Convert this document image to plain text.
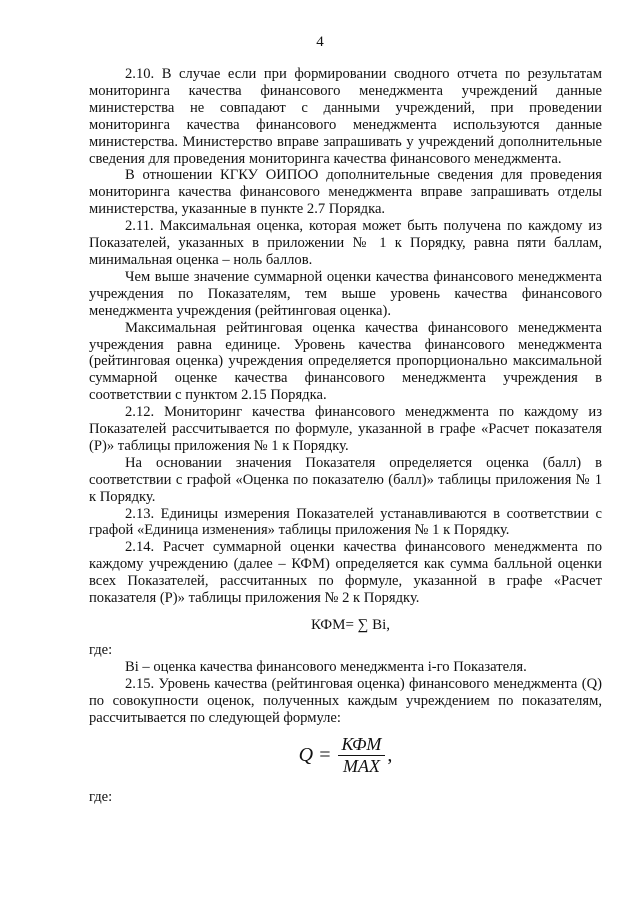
4

2.10. В случае если при формировании сводного отчета по результатам мониторинга качества финансового менеджмента учреждений данные министерства не совпадают с данными учреждений, при проведении мониторинга качества финансового менеджмента используются данные министерства. Министерство вправе запрашивать у учреждений дополнительные сведения для проведения мониторинга качества финансового менеджмента.

В отношении КГКУ ОИПОО дополнительные сведения для проведения мониторинга качества финансового менеджмента вправе запрашивать отделы министерства, указанные в пункте 2.7 Порядка.

2.11. Максимальная оценка, которая может быть получена по каждому из Показателей, указанных в приложении № 1 к Порядку, равна пяти баллам, минимальная оценка – ноль баллов.

Чем выше значение суммарной оценки качества финансового менеджмента учреждения по Показателям, тем выше уровень качества финансового менеджмента учреждения (рейтинговая оценка).

Максимальная рейтинговая оценка качества финансового менеджмента учреждения равна единице. Уровень качества финансового менеджмента (рейтинговая оценка) учреждения определяется пропорционально максимальной суммарной оценке качества финансового менеджмента учреждения в соответствии с пунктом 2.15 Порядка.

2.12. Мониторинг качества финансового менеджмента по каждому из Показателей рассчитывается по формуле, указанной в графе «Расчет показателя (Р)» таблицы приложения № 1 к Порядку.

На основании значения Показателя определяется оценка (балл) в соответствии с графой «Оценка по показателю (балл)» таблицы приложения № 1 к Порядку.

2.13. Единицы измерения Показателей устанавливаются в соответствии с графой «Единица изменения» таблицы приложения № 1 к Порядку.

2.14. Расчет суммарной оценки качества финансового менеджмента по каждому учреждению (далее – КФМ) определяется как сумма балльной оценки всех Показателей, рассчитанных по формуле, указанной в графе «Расчет показателя (Р)» таблицы приложения № 2 к Порядку.

КФМ= ∑ Bi,

где:

Bi – оценка качества финансового менеджмента i-го Показателя.

2.15. Уровень качества (рейтинговая оценка) финансового менеджмента (Q) по совокупности оценок, полученных каждым учреждением по показателям, рассчитывается по следующей формуле:

$Q = \frac{\text{КФМ}}{\text{MAX}}$ ,

где:
